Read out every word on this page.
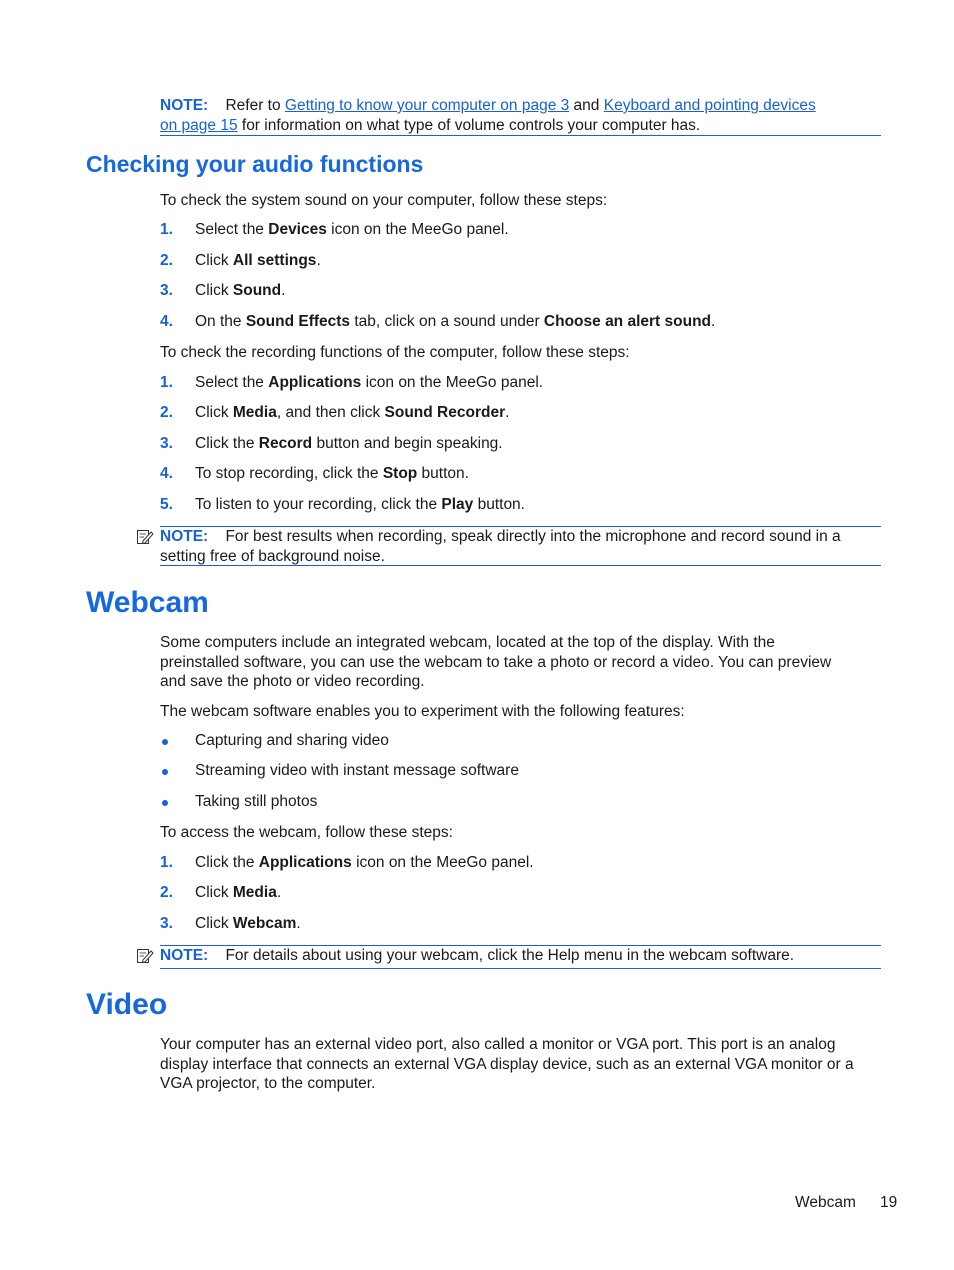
NOTE: Refer to Getting to know your computer on page 3 and Keyboard and pointing devices
on page 15 for information on what type of volume controls your computer has.
Checking your audio functions
To check the system sound on your computer, follow these steps:
1. Select the Devices icon on the MeeGo panel.
2. Click All settings.
3. Click Sound.
4. On the Sound Effects tab, click on a sound under Choose an alert sound.
To check the recording functions of the computer, follow these steps:
1. Select the Applications icon on the MeeGo panel.
2. Click Media, and then click Sound Recorder.
3. Click the Record button and begin speaking.
4. To stop recording, click the Stop button.
5. To listen to your recording, click the Play button.
NOTE: For best results when recording, speak directly into the microphone and record sound in a
setting free of background noise.
Webcam
Some computers include an integrated webcam, located at the top of the display. With the
preinstalled software, you can use the webcam to take a photo or record a video. You can preview
and save the photo or video recording.
The webcam software enables you to experiment with the following features:
Capturing and sharing video
Streaming video with instant message software
Taking still photos
To access the webcam, follow these steps:
1. Click the Applications icon on the MeeGo panel.
2. Click Media.
3. Click Webcam.
NOTE: For details about using your webcam, click the Help menu in the webcam software.
Video
Your computer has an external video port, also called a monitor or VGA port. This port is an analog
display interface that connects an external VGA display device, such as an external VGA monitor or a
VGA projector, to the computer.
Webcam 19
